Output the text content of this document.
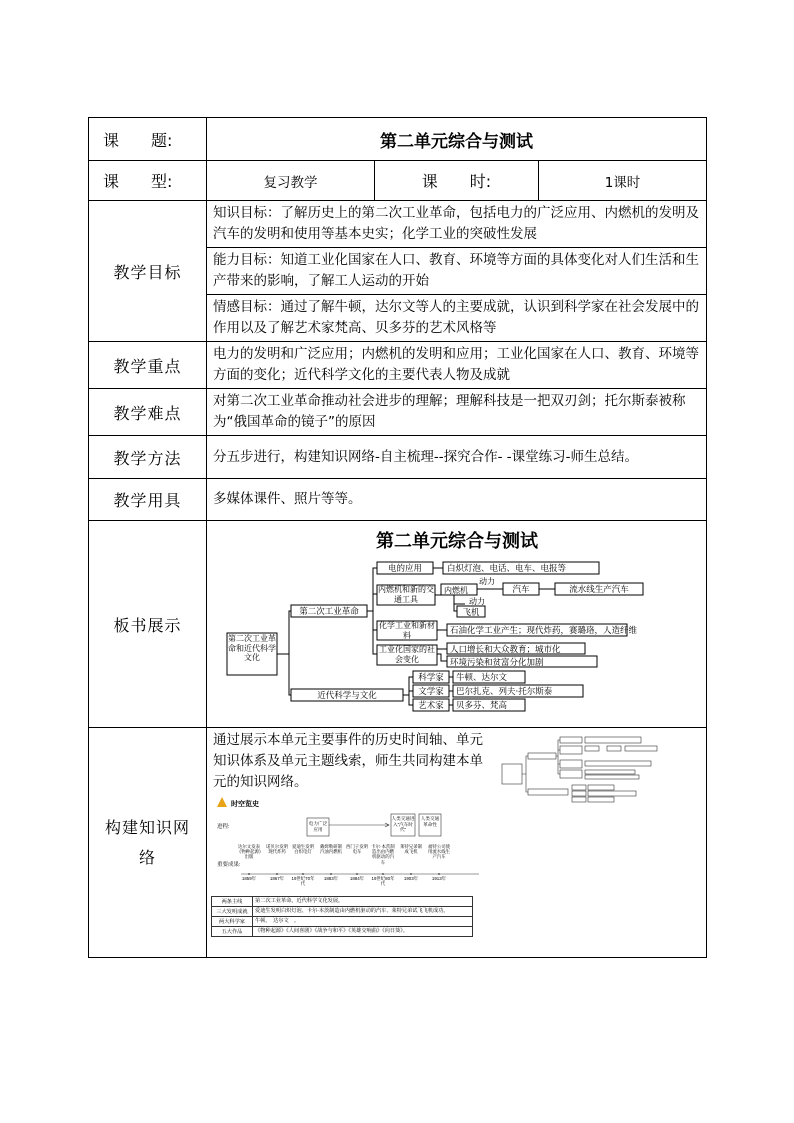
课　　题:	第二单元综合与测试
课　　型:	复习教学	课　　时:	1课时
教学目标	知识目标：了解历史上的第二次工业革命，包括电力的广泛应用、内燃机的发明及汽车的发明和使用等基本史实；化学工业的突破性发展
能力目标：知道工业化国家在人口、教育、环境等方面的具体变化对人们生活和生产带来的影响，了解工人运动的开始
情感目标：通过了解牛顿，达尔文等人的主要成就，认识到科学家在社会发展中的作用以及了解艺术家梵高、贝多芬的艺术风格等
教学重点	电力的发明和广泛应用；内燃机的发明和应用；工业化国家在人口、教育、环境等方面的变化；近代科学文化的主要代表人物及成就
教学难点	对第二次工业革命推动社会进步的理解；理解科技是一把双刃剑；托尔斯泰被称为“俄国革命的镜子”的原因
教学方法	分五步进行，构建知识网络-自主梳理--探究合作- -课堂练习-师生总结。
教学用具	多媒体课件、照片等等。
板书展示	
第二单元综合与测试
第二次工业革命和近代科学文化
第二次工业革命
近代科学与文化
电的应用
内燃机和新的交通工具
化学工业和新材料
工业化国家的社会变化
白炽灯泡、电话、电车、电报等
内燃机
动力
动力
汽车	流水线生产汽车
飞机
石油化学工业产生；现代炸药，赛璐珞，人造纤维
人口增长和大众教育；城市化
环境污染和贫富分化加剧
科学家
文学家
艺术家
牛顿、达尔文
巴尔扎克、列夫·托尔斯泰
贝多芬、梵高

构建知识网络	
通过展示本单元主要事件的历史时间轴、单元知识体系及单元主题线索，师生共同构建本单元的知识网络。
时空览史
进程:
重要成果:
电力广泛应用
人类交通进入“汽车时代”
人类交通革命性
达尔文发表《物种起源》出版
1859年
诺贝尔发明现代炸药
1867年
爱迪生发明白炽电灯
19世纪70年代
戴姆勒研制汽油内燃机
1883年
西门子发明电车
1884年
卡尔·本茨制造出由内燃机驱动的汽车
19世纪80年代
莱特兄弟制成飞机
1903年
福特公司使用流水线生产汽车
1913年
两条主线	第二次工业革命。近代科学文化发展。
三大发明成就	爱迪生发明白炽灯泡、卡尔·本茨制造由内燃机驱动的汽车、莱特兄弟试飞飞机成功。
两大科学家	牛顿、　达尔文　。
五大作品	《物种起源》《人间喜剧》《战争与和平》《英雄交响曲》《向日葵》。
